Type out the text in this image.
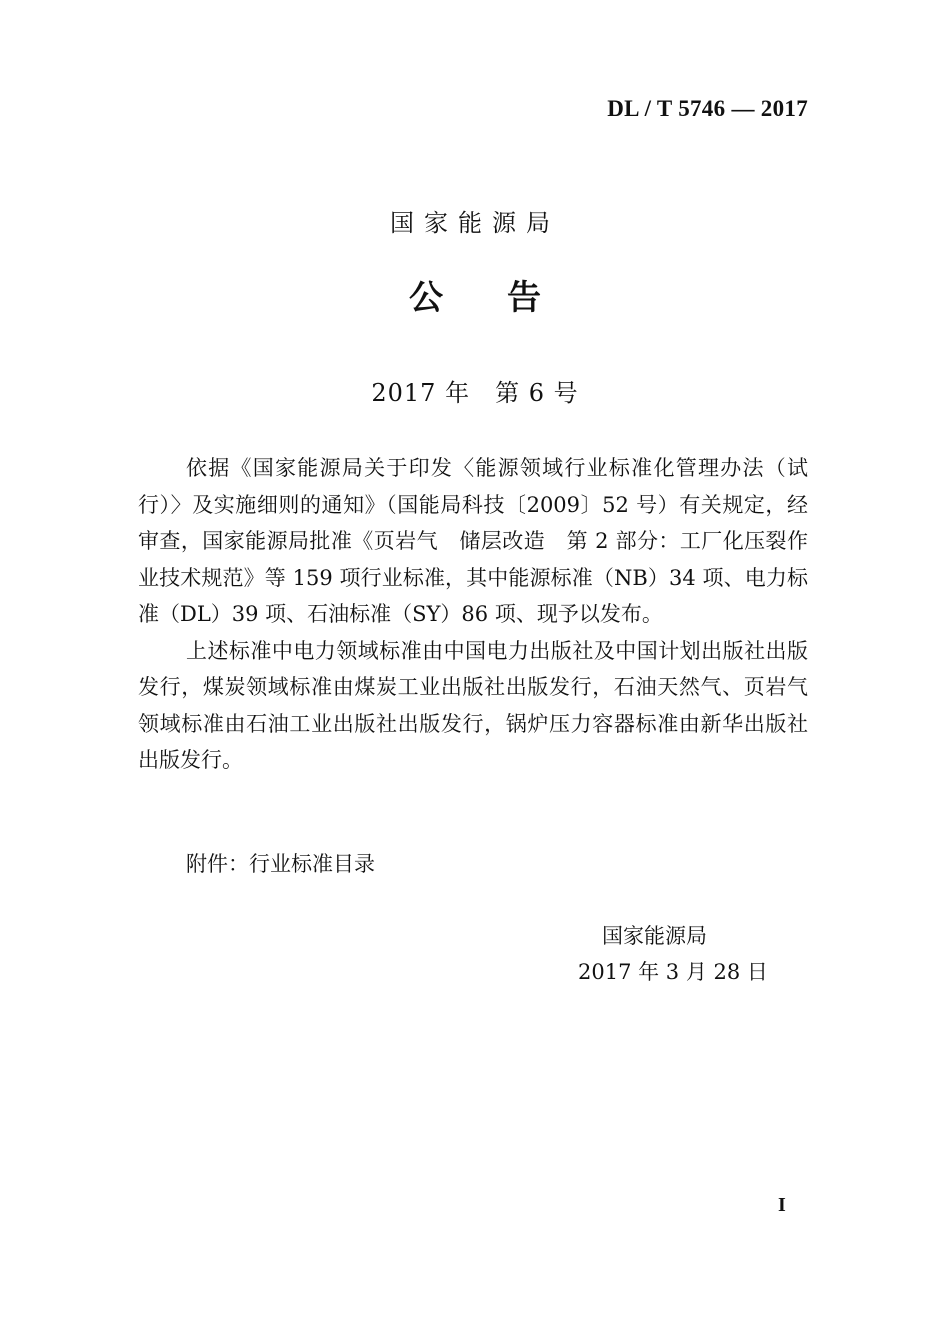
DL / T 5746 — 2017
国家能源局
公告
2017 年　第 6 号

依据《国家能源局关于印发〈能源领域行业标准化管理办法（试行）〉及实施细则的通知》（国能局科技〔2009〕52 号）有关规定，经审查，国家能源局批准《页岩气　储层改造　第 2 部分：工厂化压裂作业技术规范》等 159 项行业标准，其中能源标准（NB）34 项、电力标准（DL）39 项、石油标准（SY）86 项、现予以发布。

上述标准中电力领域标准由中国电力出版社及中国计划出版社出版发行，煤炭领域标准由煤炭工业出版社出版发行，石油天然气、页岩气领域标准由石油工业出版社出版发行，锅炉压力容器标准由新华出版社出版发行。

附件：行业标准目录
国家能源局
2017 年 3 月 28 日
I
